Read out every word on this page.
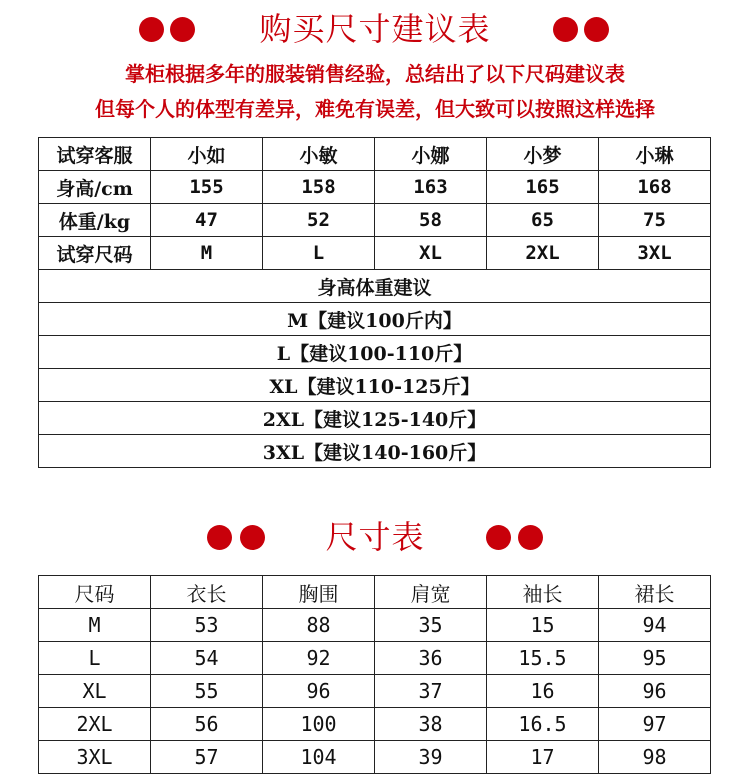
购买尺寸建议表
掌柜根据多年的服装销售经验，总结出了以下尺码建议表
但每个人的体型有差异，难免有误差，但大致可以按照这样选择
试穿客服	小如	小敏	小娜	小梦	小琳
身高/cm	155	158	163	165	168
体重/kg	47	52	58	65	75
试穿尺码	M	L	XL	2XL	3XL
身高体重建议					
M【建议100斤内】					
L【建议100-110斤】					
XL【建议110-125斤】					
2XL【建议125-140斤】					
3XL【建议140-160斤】					
尺寸表
尺码	衣长	胸围	肩宽	袖长	裙长
M	53	88	35	15	94
L	54	92	36	15.5	95
XL	55	96	37	16	96
2XL	56	100	38	16.5	97
3XL	57	104	39	17	98
